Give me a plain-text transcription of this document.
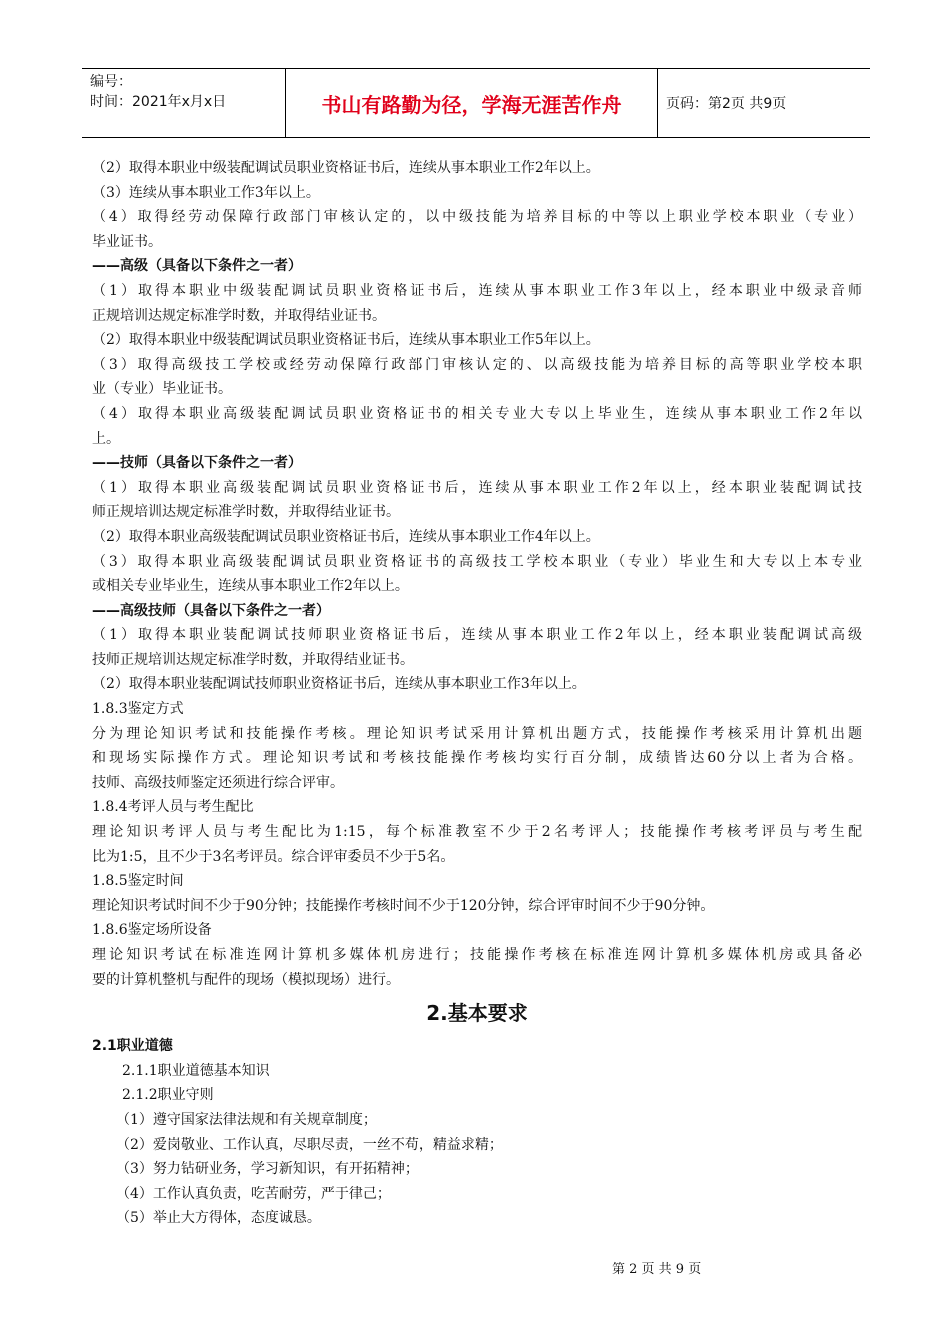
编号：
时间：2021年x月x日	书山有路勤为径，学海无涯苦作舟	页码：第2页 共9页
（2）取得本职业中级装配调试员职业资格证书后，连续从事本职业工作2年以上。
（3）连续从事本职业工作3年以上。
（4）取得经劳动保障行政部门审核认定的，以中级技能为培养目标的中等以上职业学校本职业（专业）
毕业证书。
——高级（具备以下条件之一者）
（1）取得本职业中级装配调试员职业资格证书后，连续从事本职业工作3年以上，经本职业中级录音师
正规培训达规定标准学时数，并取得结业证书。
（2）取得本职业中级装配调试员职业资格证书后，连续从事本职业工作5年以上。
（3）取得高级技工学校或经劳动保障行政部门审核认定的、以高级技能为培养目标的高等职业学校本职
业（专业）毕业证书。
（4）取得本职业高级装配调试员职业资格证书的相关专业大专以上毕业生，连续从事本职业工作2年以
上。
——技师（具备以下条件之一者）
（1）取得本职业高级装配调试员职业资格证书后，连续从事本职业工作2年以上，经本职业装配调试技
师正规培训达规定标准学时数，并取得结业证书。
（2）取得本职业高级装配调试员职业资格证书后，连续从事本职业工作4年以上。
（3）取得本职业高级装配调试员职业资格证书的高级技工学校本职业（专业）毕业生和大专以上本专业
或相关专业毕业生，连续从事本职业工作2年以上。
——高级技师（具备以下条件之一者）
（1）取得本职业装配调试技师职业资格证书后，连续从事本职业工作2年以上，经本职业装配调试高级
技师正规培训达规定标准学时数，并取得结业证书。
（2）取得本职业装配调试技师职业资格证书后，连续从事本职业工作3年以上。
1.8.3鉴定方式
分为理论知识考试和技能操作考核。理论知识考试采用计算机出题方式，技能操作考核采用计算机出题
和现场实际操作方式。理论知识考试和考核技能操作考核均实行百分制，成绩皆达60分以上者为合格。
技师、高级技师鉴定还须进行综合评审。
1.8.4考评人员与考生配比
理论知识考评人员与考生配比为1:15，每个标准教室不少于2名考评人；技能操作考核考评员与考生配
比为1:5，且不少于3名考评员。综合评审委员不少于5名。
1.8.5鉴定时间
理论知识考试时间不少于90分钟；技能操作考核时间不少于120分钟，综合评审时间不少于90分钟。
1.8.6鉴定场所设备
理论知识考试在标准连网计算机多媒体机房进行；技能操作考核在标准连网计算机多媒体机房或具备必
要的计算机整机与配件的现场（模拟现场）进行。
2.基本要求
2.1职业道德
2.1.1职业道德基本知识
2.1.2职业守则
（1）遵守国家法律法规和有关规章制度；
（2）爱岗敬业、工作认真，尽职尽责，一丝不苟，精益求精；
（3）努力钻研业务，学习新知识，有开拓精神；
（4）工作认真负责，吃苦耐劳，严于律己；
（5）举止大方得体，态度诚恳。
第 2 页 共 9 页
